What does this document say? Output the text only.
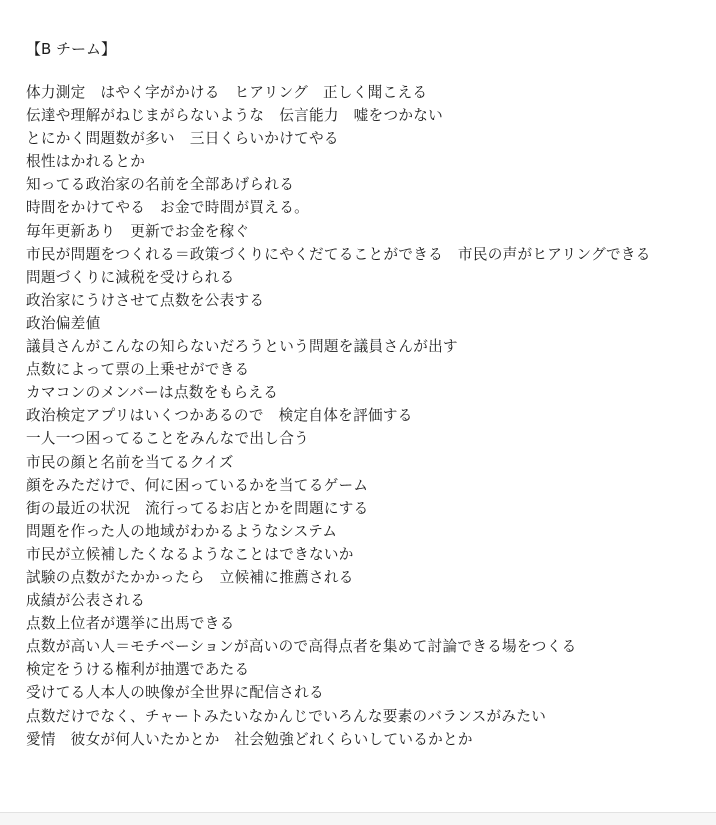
【B チーム】
体力測定　はやく字がかける　ヒアリング　正しく聞こえる
伝達や理解がねじまがらないような　伝言能力　嘘をつかない
とにかく問題数が多い　三日くらいかけてやる
根性はかれるとか
知ってる政治家の名前を全部あげられる
時間をかけてやる　お金で時間が買える。
毎年更新あり　更新でお金を稼ぐ
市民が問題をつくれる＝政策づくりにやくだてることができる　市民の声がヒアリングできる
問題づくりに減税を受けられる
政治家にうけさせて点数を公表する
政治偏差値
議員さんがこんなの知らないだろうという問題を議員さんが出す
点数によって票の上乗せができる
カマコンのメンバーは点数をもらえる
政治検定アプリはいくつかあるので　検定自体を評価する
一人一つ困ってることをみんなで出し合う
市民の顔と名前を当てるクイズ
顔をみただけで、何に困っているかを当てるゲーム
街の最近の状況　流行ってるお店とかを問題にする
問題を作った人の地域がわかるようなシステム
市民が立候補したくなるようなことはできないか
試験の点数がたかかったら　立候補に推薦される
成績が公表される
点数上位者が選挙に出馬できる
点数が高い人＝モチベーションが高いので高得点者を集めて討論できる場をつくる
検定をうける権利が抽選であたる
受けてる人本人の映像が全世界に配信される
点数だけでなく、チャートみたいなかんじでいろんな要素のバランスがみたい
愛情　彼女が何人いたかとか　社会勉強どれくらいしているかとか
